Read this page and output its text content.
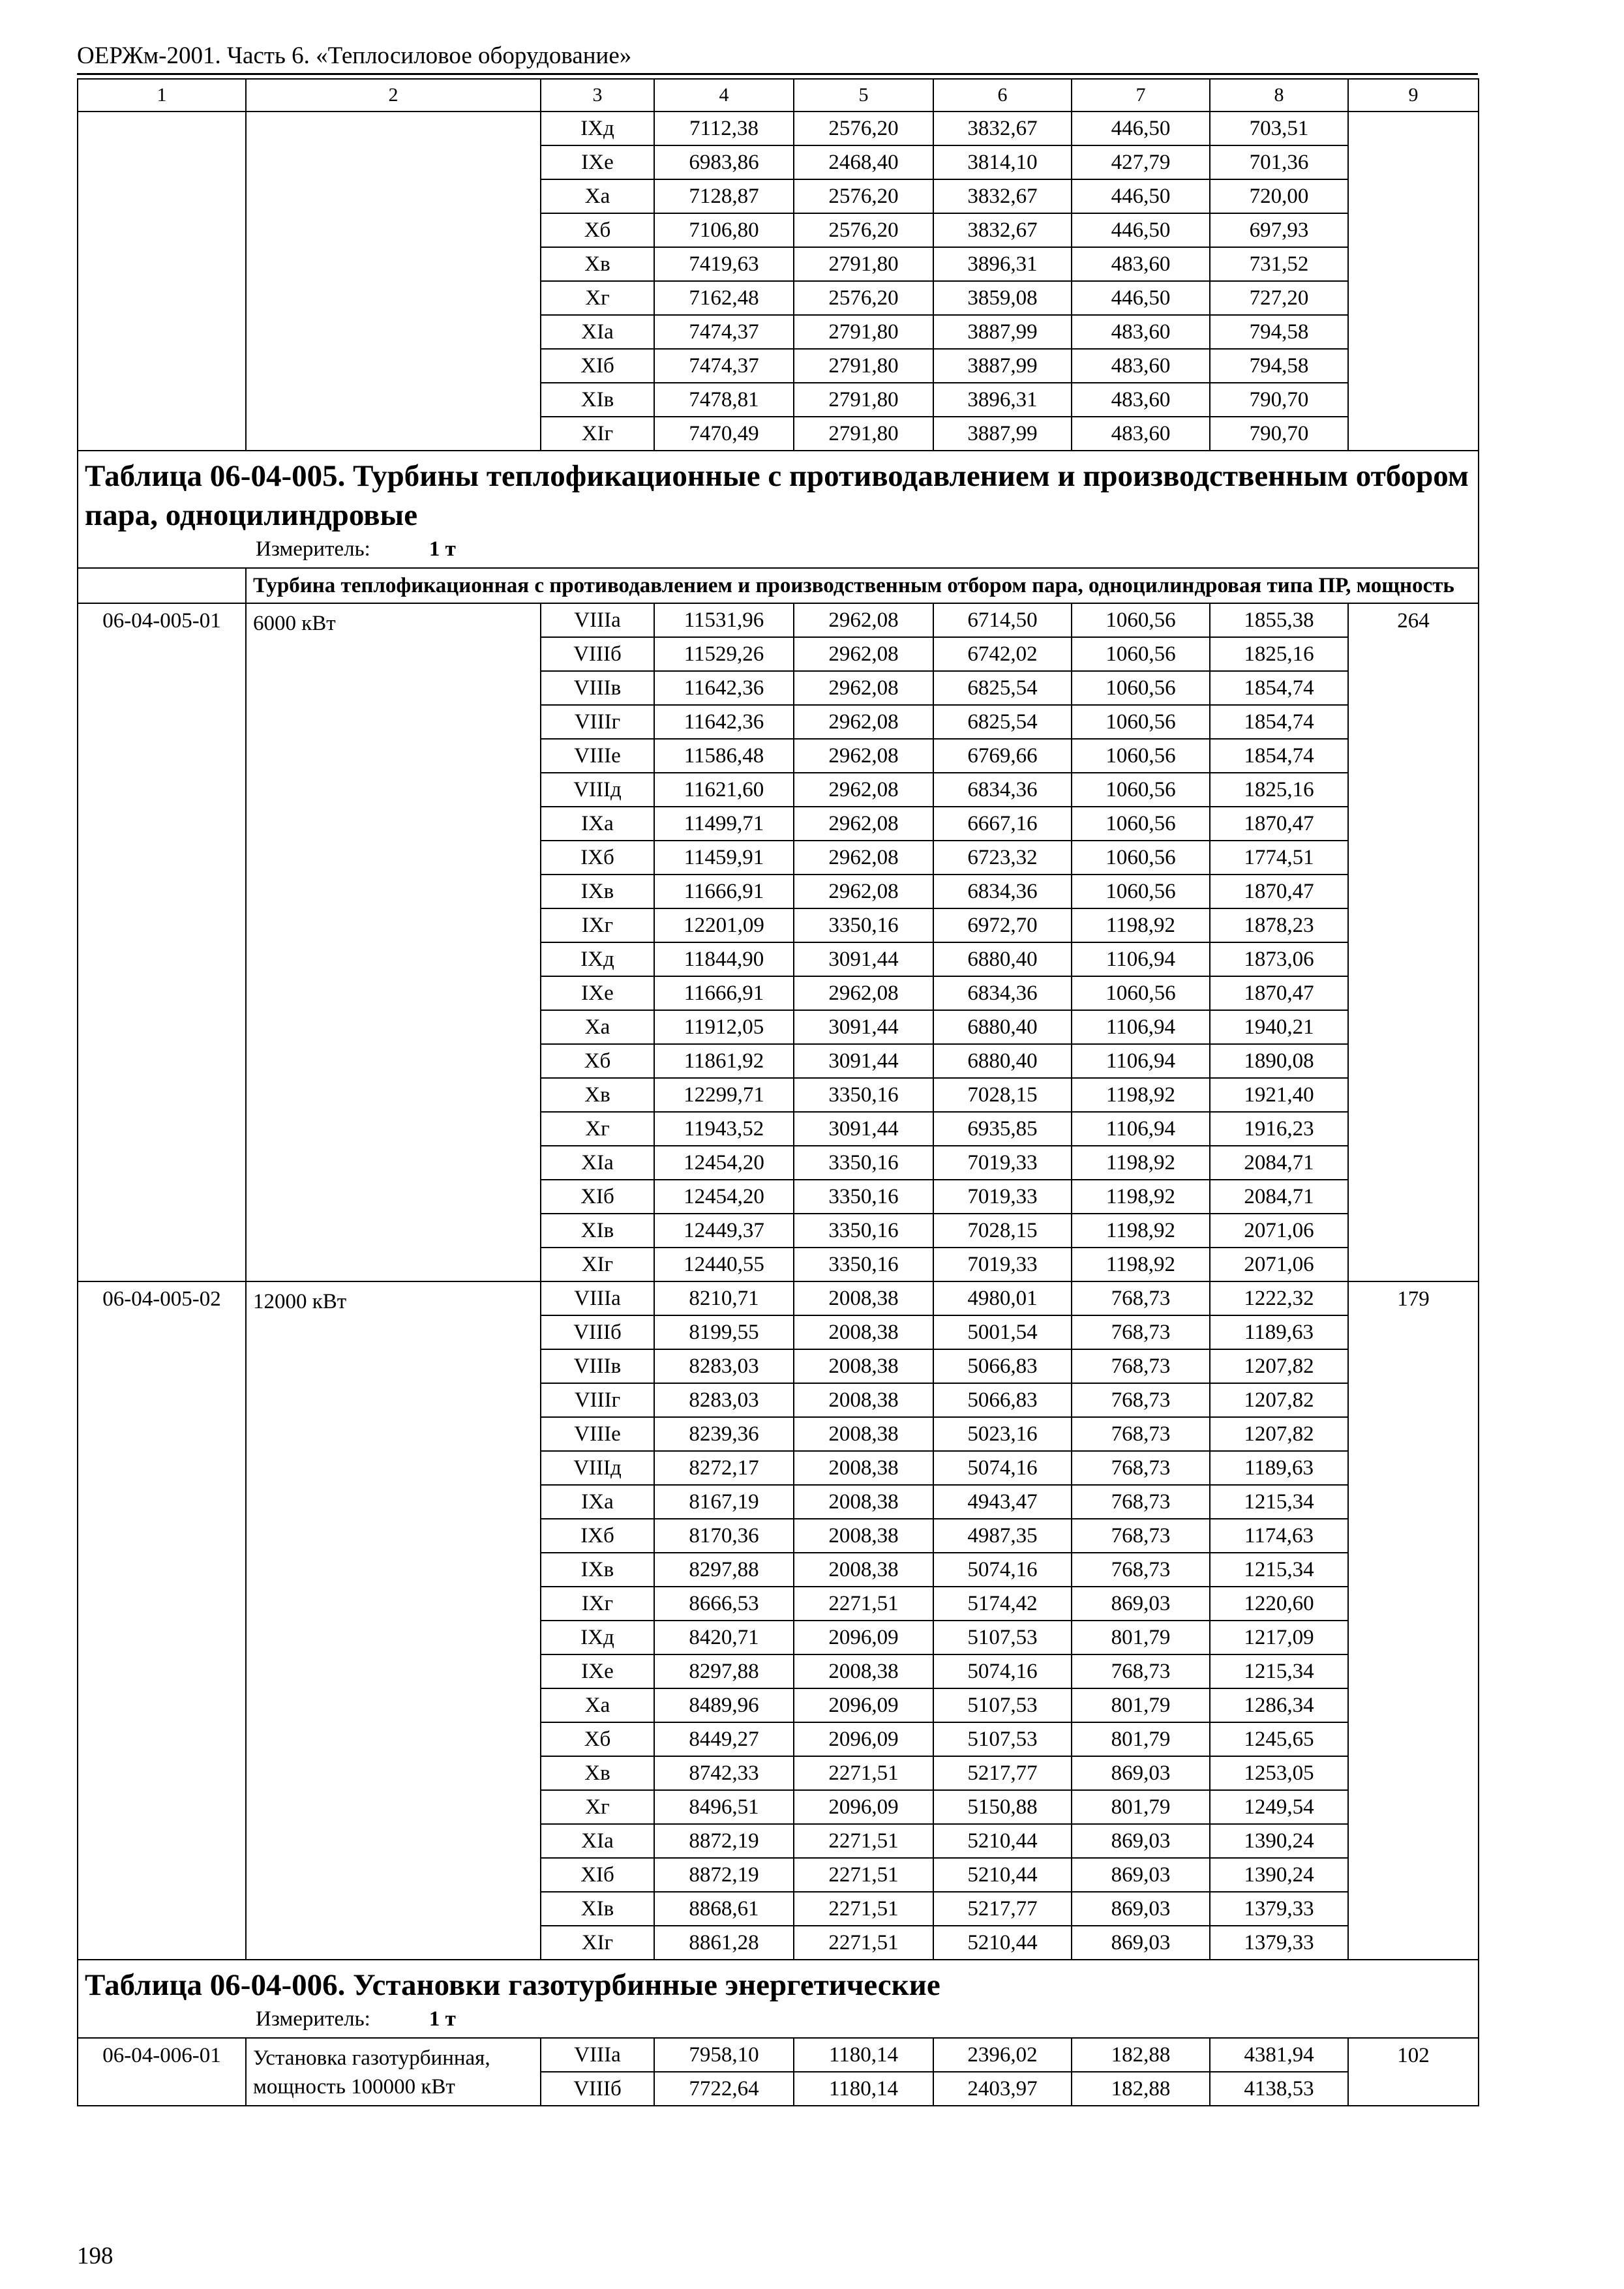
ОЕРЖм-2001. Часть 6. «Теплосиловое оборудование»
1	2	3	4	5	6	7	8	9
		IXд	7112,38	2576,20	3832,67	446,50	703,51	
		IXе	6983,86	2468,40	3814,10	427,79	701,36	
		Xа	7128,87	2576,20	3832,67	446,50	720,00	
		Xб	7106,80	2576,20	3832,67	446,50	697,93	
		Xв	7419,63	2791,80	3896,31	483,60	731,52	
		Xг	7162,48	2576,20	3859,08	446,50	727,20	
		XIа	7474,37	2791,80	3887,99	483,60	794,58	
		XIб	7474,37	2791,80	3887,99	483,60	794,58	
		XIв	7478,81	2791,80	3896,31	483,60	790,70	
		XIг	7470,49	2791,80	3887,99	483,60	790,70	

Таблица 06-04-005. Турбины теплофикационные с противодавлением и производственным отбором пара, одноцилиндровые
Измеритель: 1 т								

	Турбина теплофикационная с противодавлением и производственным отбором пара, одноцилиндровая типа ПР, мощность							
06-04-005-01	6000 кВт	VIIIа	11531,96	2962,08	6714,50	1060,56	1855,38	264
		VIIIб	11529,26	2962,08	6742,02	1060,56	1825,16	
		VIIIв	11642,36	2962,08	6825,54	1060,56	1854,74	
		VIIIг	11642,36	2962,08	6825,54	1060,56	1854,74	
		VIIIе	11586,48	2962,08	6769,66	1060,56	1854,74	
		VIIIд	11621,60	2962,08	6834,36	1060,56	1825,16	
		IXа	11499,71	2962,08	6667,16	1060,56	1870,47	
		IXб	11459,91	2962,08	6723,32	1060,56	1774,51	
		IXв	11666,91	2962,08	6834,36	1060,56	1870,47	
		IXг	12201,09	3350,16	6972,70	1198,92	1878,23	
		IXд	11844,90	3091,44	6880,40	1106,94	1873,06	
		IXе	11666,91	2962,08	6834,36	1060,56	1870,47	
		Xа	11912,05	3091,44	6880,40	1106,94	1940,21	
		Xб	11861,92	3091,44	6880,40	1106,94	1890,08	
		Xв	12299,71	3350,16	7028,15	1198,92	1921,40	
		Xг	11943,52	3091,44	6935,85	1106,94	1916,23	
		XIа	12454,20	3350,16	7019,33	1198,92	2084,71	
		XIб	12454,20	3350,16	7019,33	1198,92	2084,71	
		XIв	12449,37	3350,16	7028,15	1198,92	2071,06	
		XIг	12440,55	3350,16	7019,33	1198,92	2071,06	
06-04-005-02	12000 кВт	VIIIа	8210,71	2008,38	4980,01	768,73	1222,32	179
		VIIIб	8199,55	2008,38	5001,54	768,73	1189,63	
		VIIIв	8283,03	2008,38	5066,83	768,73	1207,82	
		VIIIг	8283,03	2008,38	5066,83	768,73	1207,82	
		VIIIе	8239,36	2008,38	5023,16	768,73	1207,82	
		VIIIд	8272,17	2008,38	5074,16	768,73	1189,63	
		IXа	8167,19	2008,38	4943,47	768,73	1215,34	
		IXб	8170,36	2008,38	4987,35	768,73	1174,63	
		IXв	8297,88	2008,38	5074,16	768,73	1215,34	
		IXг	8666,53	2271,51	5174,42	869,03	1220,60	
		IXд	8420,71	2096,09	5107,53	801,79	1217,09	
		IXе	8297,88	2008,38	5074,16	768,73	1215,34	
		Xа	8489,96	2096,09	5107,53	801,79	1286,34	
		Xб	8449,27	2096,09	5107,53	801,79	1245,65	
		Xв	8742,33	2271,51	5217,77	869,03	1253,05	
		Xг	8496,51	2096,09	5150,88	801,79	1249,54	
		XIа	8872,19	2271,51	5210,44	869,03	1390,24	
		XIб	8872,19	2271,51	5210,44	869,03	1390,24	
		XIв	8868,61	2271,51	5217,77	869,03	1379,33	
		XIг	8861,28	2271,51	5210,44	869,03	1379,33	

Таблица 06-04-006. Установки газотурбинные энергетические
Измеритель: 1 т								

06-04-006-01	Установка газотурбинная, мощность 100000 кВт	VIIIа	7958,10	1180,14	2396,02	182,88	4381,94	102
		VIIIб	7722,64	1180,14	2403,97	182,88	4138,53	
198
